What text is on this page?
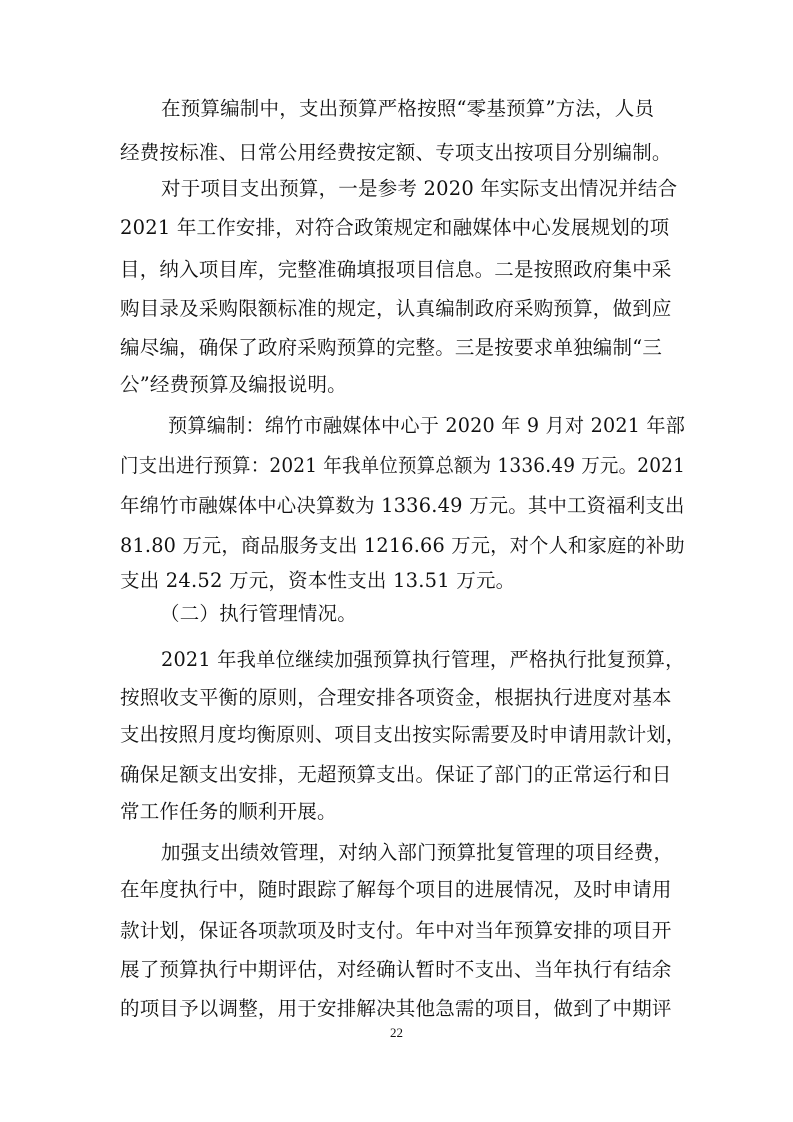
在预算编制中，支出预算严格按照“零基预算”方法，人员
经费按标准、日常公用经费按定额、专项支出按项目分别编制。
对于项目支出预算，一是参考 2020 年实际支出情况并结合
2021 年工作安排，对符合政策规定和融媒体中心发展规划的项
目，纳入项目库，完整准确填报项目信息。二是按照政府集中采
购目录及采购限额标准的规定，认真编制政府采购预算，做到应
编尽编，确保了政府采购预算的完整。三是按要求单独编制“三
公”经费预算及编报说明。
预算编制：绵竹市融媒体中心于 2020 年 9 月对 2021 年部
门支出进行预算：2021 年我单位预算总额为 1336.49 万元。2021
年绵竹市融媒体中心决算数为 1336.49 万元。其中工资福利支出
81.80 万元，商品服务支出 1216.66 万元，对个人和家庭的补助
支出 24.52 万元，资本性支出 13.51 万元。
（二）执行管理情况。
2021 年我单位继续加强预算执行管理，严格执行批复预算，
按照收支平衡的原则，合理安排各项资金，根据执行进度对基本
支出按照月度均衡原则、项目支出按实际需要及时申请用款计划，
确保足额支出安排，无超预算支出。保证了部门的正常运行和日
常工作任务的顺利开展。
加强支出绩效管理，对纳入部门预算批复管理的项目经费，
在年度执行中，随时跟踪了解每个项目的进展情况，及时申请用
款计划，保证各项款项及时支付。年中对当年预算安排的项目开
展了预算执行中期评估，对经确认暂时不支出、当年执行有结余
的项目予以调整，用于安排解决其他急需的项目，做到了中期评
22
